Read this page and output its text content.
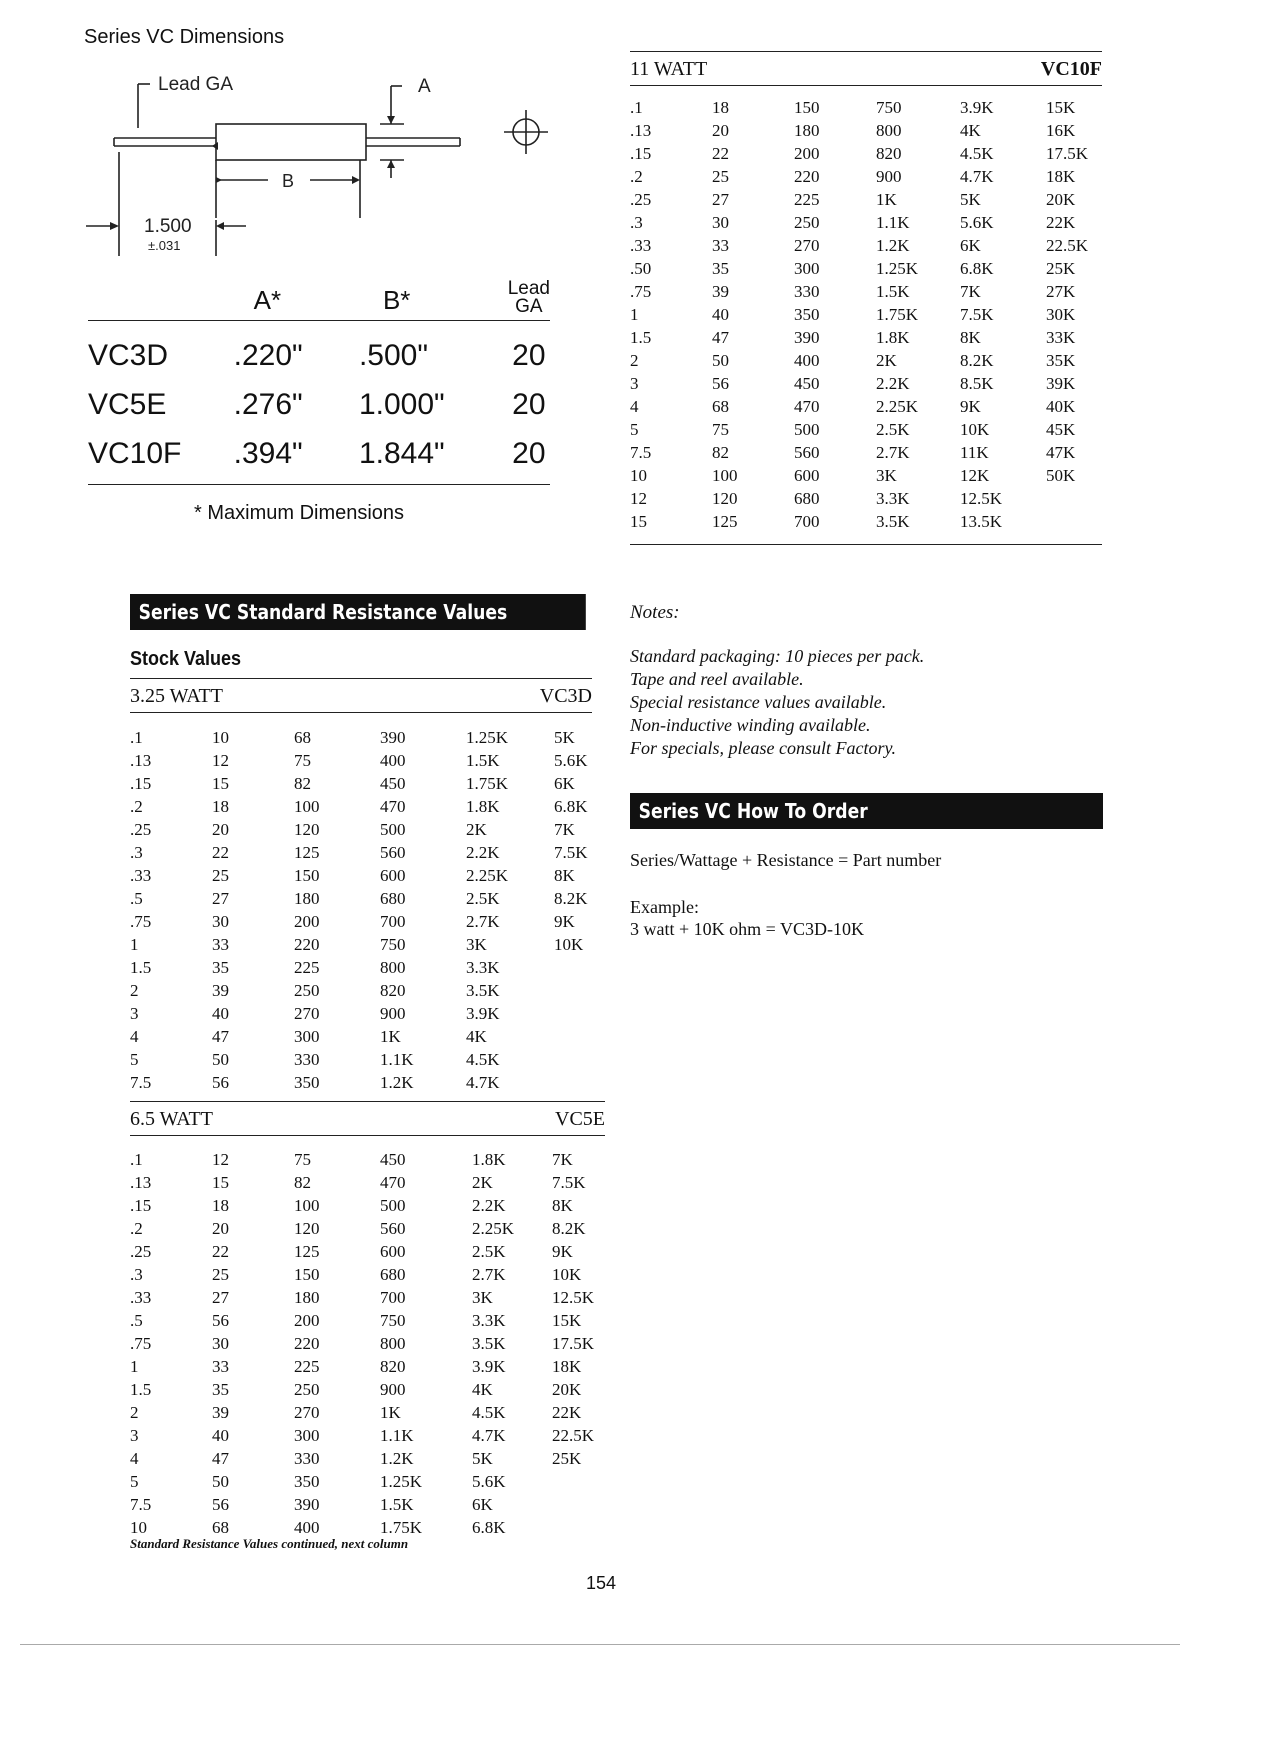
Series VC Dimensions
Lead GA	A
B
1.500
±.031
	A*	B*	Lead GA
VC3D	.220"	.500"	20
VC5E	.276"	1.000"	20
VC10F	.394"	1.844"	20
* Maximum Dimensions
11 WATT	VC10F
.1	18	150	750	3.9K	15K
.13	20	180	800	4K	16K
.15	22	200	820	4.5K	17.5K
.2	25	220	900	4.7K	18K
.25	27	225	1K	5K	20K
.3	30	250	1.1K	5.6K	22K
.33	33	270	1.2K	6K	22.5K
.50	35	300	1.25K	6.8K	25K
.75	39	330	1.5K	7K	27K
1	40	350	1.75K	7.5K	30K
1.5	47	390	1.8K	8K	33K
2	50	400	2K	8.2K	35K
3	56	450	2.2K	8.5K	39K
4	68	470	2.25K	9K	40K
5	75	500	2.5K	10K	45K
7.5	82	560	2.7K	11K	47K
10	100	600	3K	12K	50K
12	120	680	3.3K	12.5K
15	125	700	3.5K	13.5K
Series VC Standard Resistance Values
Stock Values
3.25 WATT	VC3D
.1	10	68	390	1.25K	5K
.13	12	75	400	1.5K	5.6K
.15	15	82	450	1.75K	6K
.2	18	100	470	1.8K	6.8K
.25	20	120	500	2K	7K
.3	22	125	560	2.2K	7.5K
.33	25	150	600	2.25K	8K
.5	27	180	680	2.5K	8.2K
.75	30	200	700	2.7K	9K
1	33	220	750	3K	10K
1.5	35	225	800	3.3K
2	39	250	820	3.5K
3	40	270	900	3.9K
4	47	300	1K	4K
5	50	330	1.1K	4.5K
7.5	56	350	1.2K	4.7K
6.5 WATT	VC5E
.1	12	75	450	1.8K	7K
.13	15	82	470	2K	7.5K
.15	18	100	500	2.2K	8K
.2	20	120	560	2.25K	8.2K
.25	22	125	600	2.5K	9K
.3	25	150	680	2.7K	10K
.33	27	180	700	3K	12.5K
.5	56	200	750	3.3K	15K
.75	30	220	800	3.5K	17.5K
1	33	225	820	3.9K	18K
1.5	35	250	900	4K	20K
2	39	270	1K	4.5K	22K
3	40	300	1.1K	4.7K	22.5K
4	47	330	1.2K	5K	25K
5	50	350	1.25K	5.6K
7.5	56	390	1.5K	6K
10	68	400	1.75K	6.8K
Standard Resistance Values continued, next column
Notes:
Standard packaging: 10 pieces per pack.
Tape and reel available.
Special resistance values available.
Non-inductive winding available.
For specials, please consult Factory.
Series VC How To Order
Series/Wattage + Resistance = Part number
Example:
3 watt + 10K ohm = VC3D-10K
154
